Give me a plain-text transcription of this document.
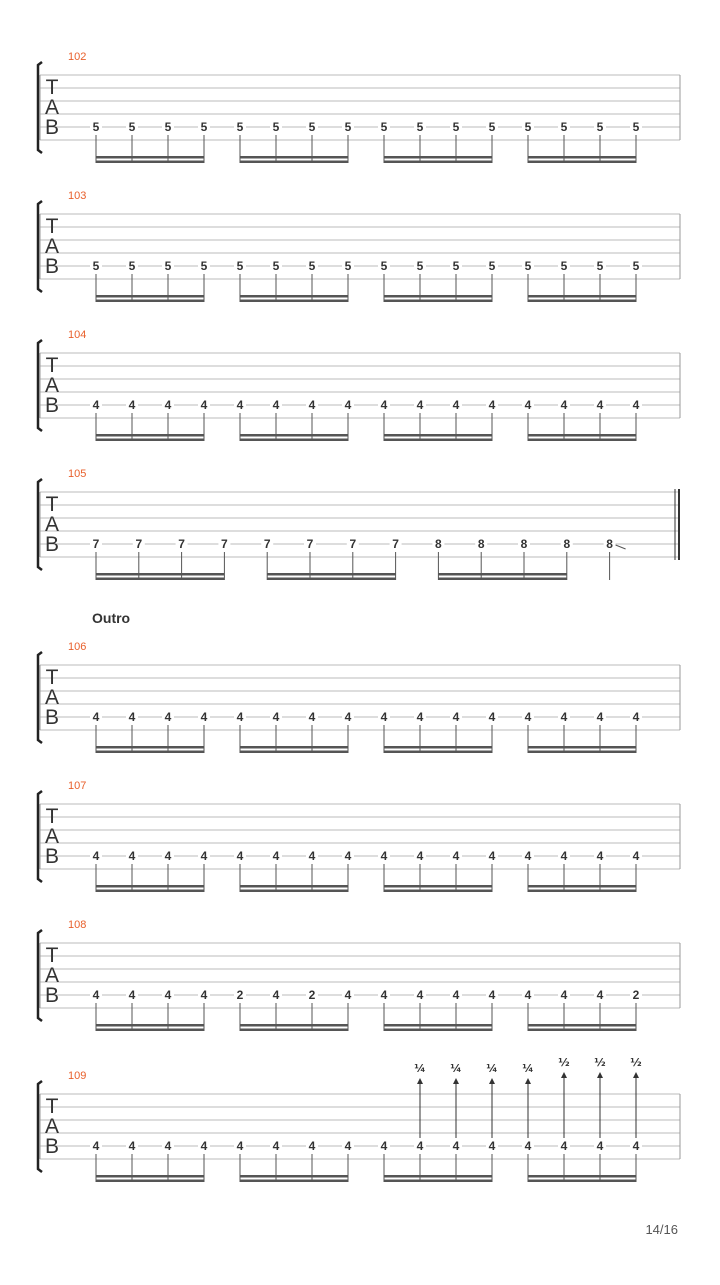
T
A
B	5 5 5 5 5 5 5 5 5 5 5 5 5 5 5 5
T
A
B	5 5 5 5 5 5 5 5 5 5 5 5 5 5 5 5
T
A
B	4 4 4 4 4 4 4 4 4 4 4 4 4 4 4 4
T
A
B	7	7	7	7	7	7	7	7	8	8	8	8	8
T
A
B	4 4 4 4 4 4 4 4 4 4 4 4 4 4 4 4
T
A
B	4 4 4 4 4 4 4 4 4 4 4 4 4 4 4 4
T
A
B	4 4 4 4 2 4 2 4 4 4 4 4 4 4 4 2
T
A
B	4 4 4 4 4 4 4 4 4 4 4 4 4 4 4 4
¼ ¼ ¼ ¼ ½ ½ ½
Outro
14/16
102
103
104
105
106
107
108
109
